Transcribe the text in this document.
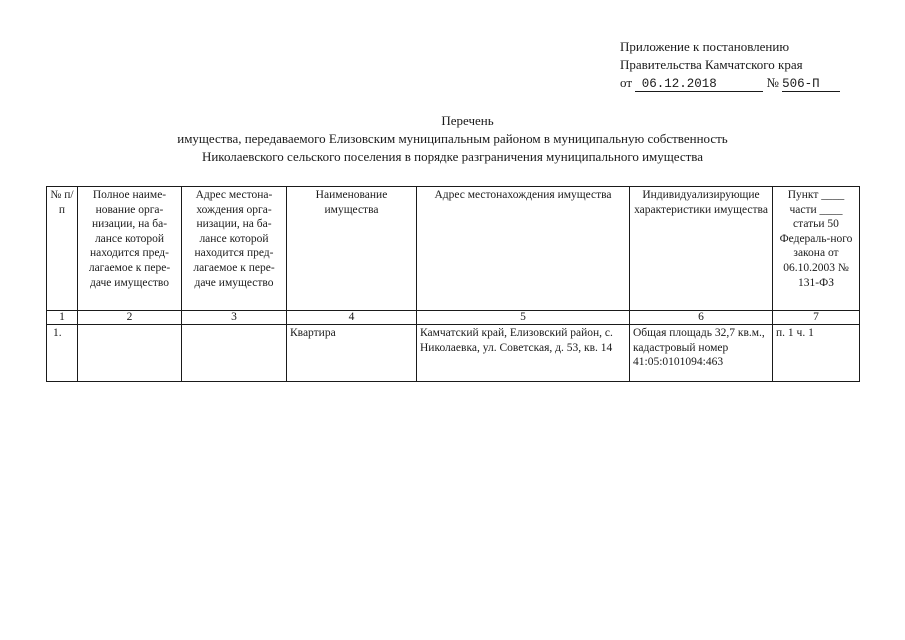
Приложение к постановлению
Правительства Камчатского края
от 06.12.2018	№ 506-П
Перечень
имущества, передаваемого Елизовским муниципальным районом в муниципальную собственность
Николаевского сельского поселения в порядке разграничения муниципального имущества
№ п/п	Полное наиме-нование орга-низации, на ба-лансе которой находится пред-лагаемое к пере-даче имущество	Адрес местона-хождения орга-низации, на ба-лансе которой находится пред-лагаемое к пере-даче имущество	Наименование имущества	Адрес местонахождения имущества	Индивидуализирующие характеристики имущества	Пункт ____ части ____ статьи 50 Федераль-ного закона от 06.10.2003 № 131-ФЗ
1	2	3	4	5	6	7
1.			Квартира	Камчатский край, Елизовский район, с. Николаевка, ул. Советская, д. 53, кв. 14	Общая площадь 32,7 кв.м., кадастровый номер 41:05:0101094:463	п. 1 ч. 1
